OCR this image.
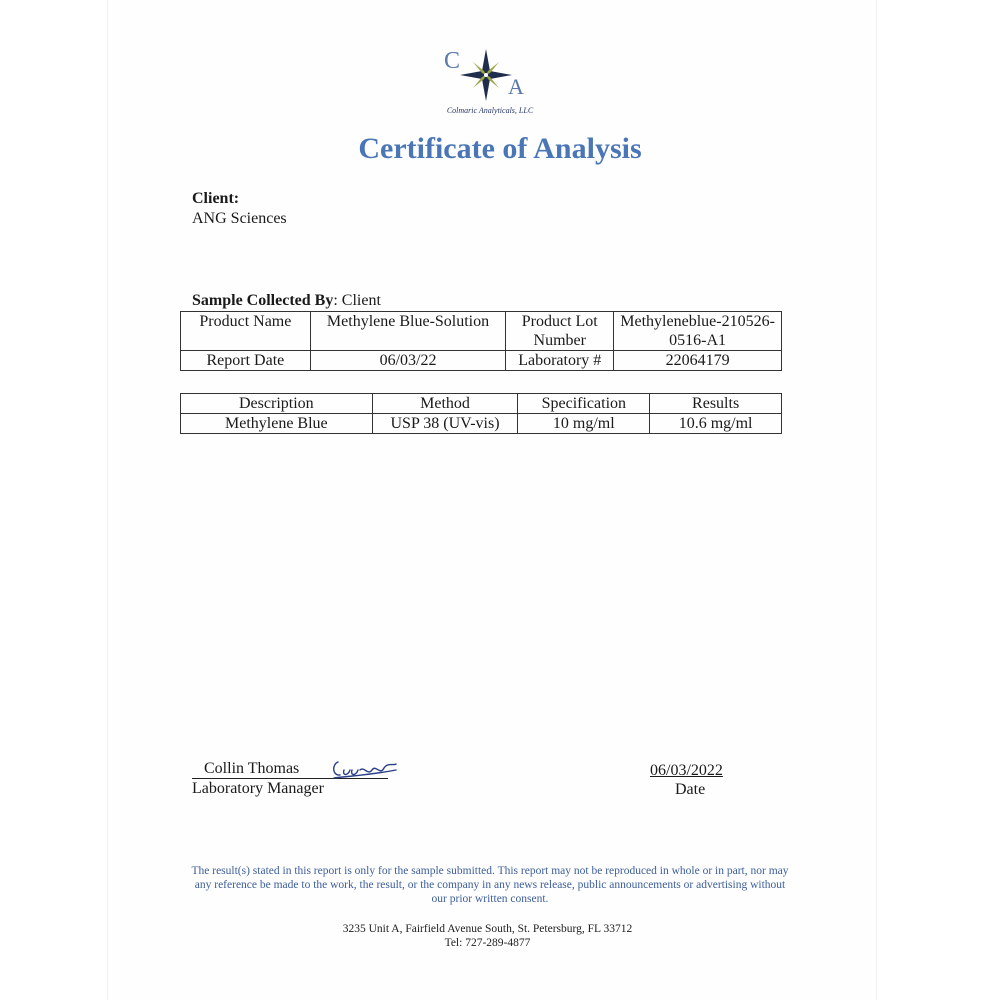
C
A
Colmaric Analyticals, LLC
Certificate of Analysis
Client:
ANG Sciences
Sample Collected By: Client
Product Name	Methylene Blue-Solution	Product Lot Number	Methyleneblue-210526-0516-A1
Report Date	06/03/22	Laboratory #	22064179
Description	Method	Specification	Results
Methylene Blue	USP 38 (UV-vis)	10 mg/ml	10.6 mg/ml
Collin Thomas
Laboratory Manager
06/03/2022
Date
The result(s) stated in this report is only for the sample submitted. This report may not be reproduced in whole or in part, nor may any reference be made to the work, the result, or the company in any news release, public announcements or advertising without our prior written consent.
3235 Unit A, Fairfield Avenue South, St. Petersburg, FL 33712
Tel: 727-289-4877
